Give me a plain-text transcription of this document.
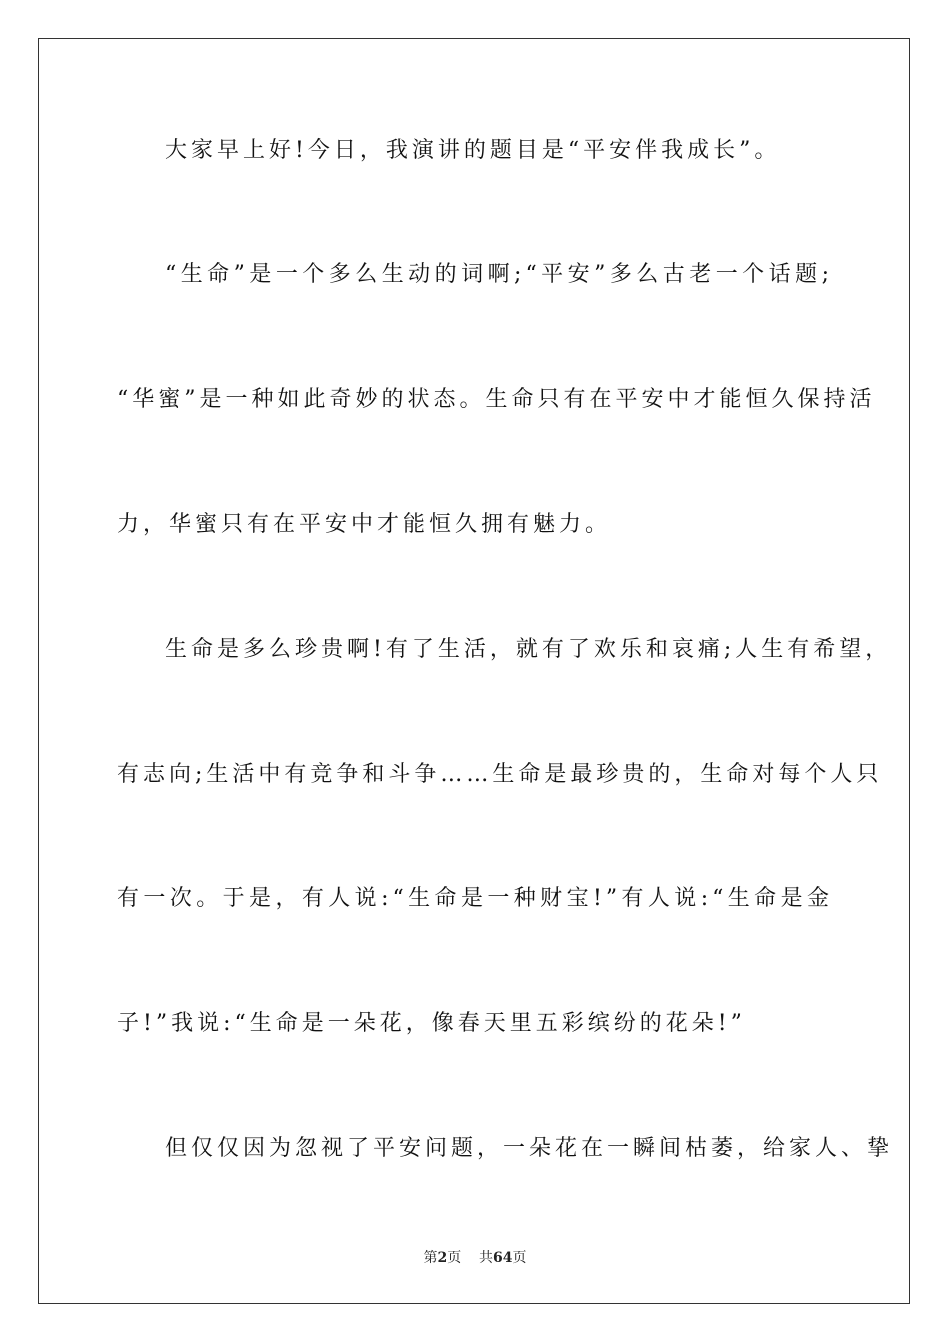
大家早上好!今日，我演讲的题目是“平安伴我成长”。
“生命”是一个多么生动的词啊;“平安”多么古老一个话题;
“华蜜”是一种如此奇妙的状态。生命只有在平安中才能恒久保持活
力，华蜜只有在平安中才能恒久拥有魅力。
生命是多么珍贵啊!有了生活，就有了欢乐和哀痛;人生有希望，
有志向;生活中有竞争和斗争……生命是最珍贵的，生命对每个人只
有一次。于是，有人说:“生命是一种财宝!”有人说:“生命是金
子!”我说:“生命是一朵花，像春天里五彩缤纷的花朵!”
但仅仅因为忽视了平安问题，一朵花在一瞬间枯萎，给家人、挚
第2页 共64页
